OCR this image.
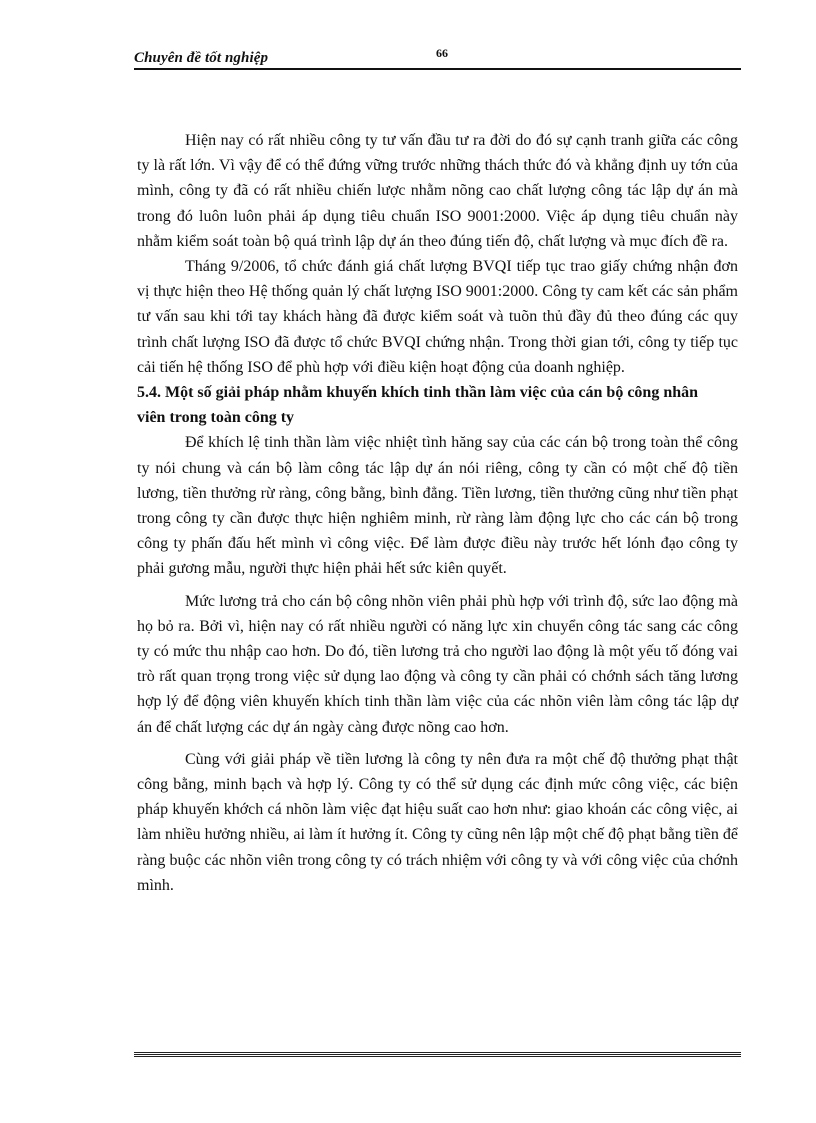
Chuyên đề tốt nghiệp	66

Hiện nay có rất nhiều công ty tư vấn đầu tư ra đời do đó sự cạnh tranh giữa các công ty là rất lớn. Vì vậy để có thể đứng vững trước những thách thức đó và khẳng định uy tớn của mình, công ty đã có rất nhiều chiến lược nhằm nõng cao chất lượng công tác lập dự án mà trong đó luôn luôn phải áp dụng tiêu chuẩn ISO 9001:2000. Việc áp dụng tiêu chuẩn này nhằm kiểm soát toàn bộ quá trình lập dự án theo đúng tiến độ, chất lượng và mục đích đề ra.

Tháng 9/2006, tổ chức đánh giá chất lượng BVQI tiếp tục trao giấy chứng nhận đơn vị thực hiện theo Hệ thống quản lý chất lượng ISO 9001:2000. Công ty cam kết các sản phẩm tư vấn sau khi tới tay khách hàng đã được kiểm soát và tuõn thủ đầy đủ theo đúng các quy trình chất lượng ISO đã được tổ chức BVQI chứng nhận. Trong thời gian tới, công ty tiếp tục cải tiến hệ thống ISO để phù hợp với điều kiện hoạt động của doanh nghiệp.

5.4. Một số giải pháp nhằm khuyến khích tinh thần làm việc của cán bộ công nhân viên trong toàn công ty

Để khích lệ tinh thần làm việc nhiệt tình hăng say của các cán bộ trong toàn thể công ty nói chung và cán bộ làm công tác lập dự án nói riêng, công ty cần có một chế độ tiền lương, tiền thưởng rừ ràng, công bằng, bình đẳng. Tiền lương, tiền thưởng cũng như tiền phạt trong công ty cần được thực hiện nghiêm minh, rừ ràng làm động lực cho các cán bộ trong công ty phấn đấu hết mình vì công việc. Để làm được điều này trước hết lónh đạo công ty phải gương mẫu, người thực hiện phải hết sức kiên quyết.

Mức lương trả cho cán bộ công nhõn viên phải phù hợp với trình độ, sức lao động mà họ bỏ ra. Bởi vì, hiện nay có rất nhiều người có năng lực xin chuyển công tác sang các công ty có mức thu nhập cao hơn. Do đó, tiền lương trả cho người lao động là một yếu tố đóng vai trò rất quan trọng trong việc sử dụng lao động và công ty cần phải có chớnh sách tăng lương hợp lý để động viên khuyến khích tinh thần làm việc của các nhõn viên làm công tác lập dự án để chất lượng các dự án ngày càng được nõng cao hơn.

Cùng với giải pháp về tiền lương là công ty nên đưa ra một chế độ thưởng phạt thật công bằng, minh bạch và hợp lý. Công ty có thể sử dụng các định mức công việc, các biện pháp khuyến khớch cá nhõn làm việc đạt hiệu suất cao hơn như: giao khoán các công việc, ai làm nhiều hưởng nhiều, ai làm ít hưởng ít. Công ty cũng nên lập một chế độ phạt bằng tiền để ràng buộc các nhõn viên trong công ty có trách nhiệm với công ty và với công việc của chớnh mình.
